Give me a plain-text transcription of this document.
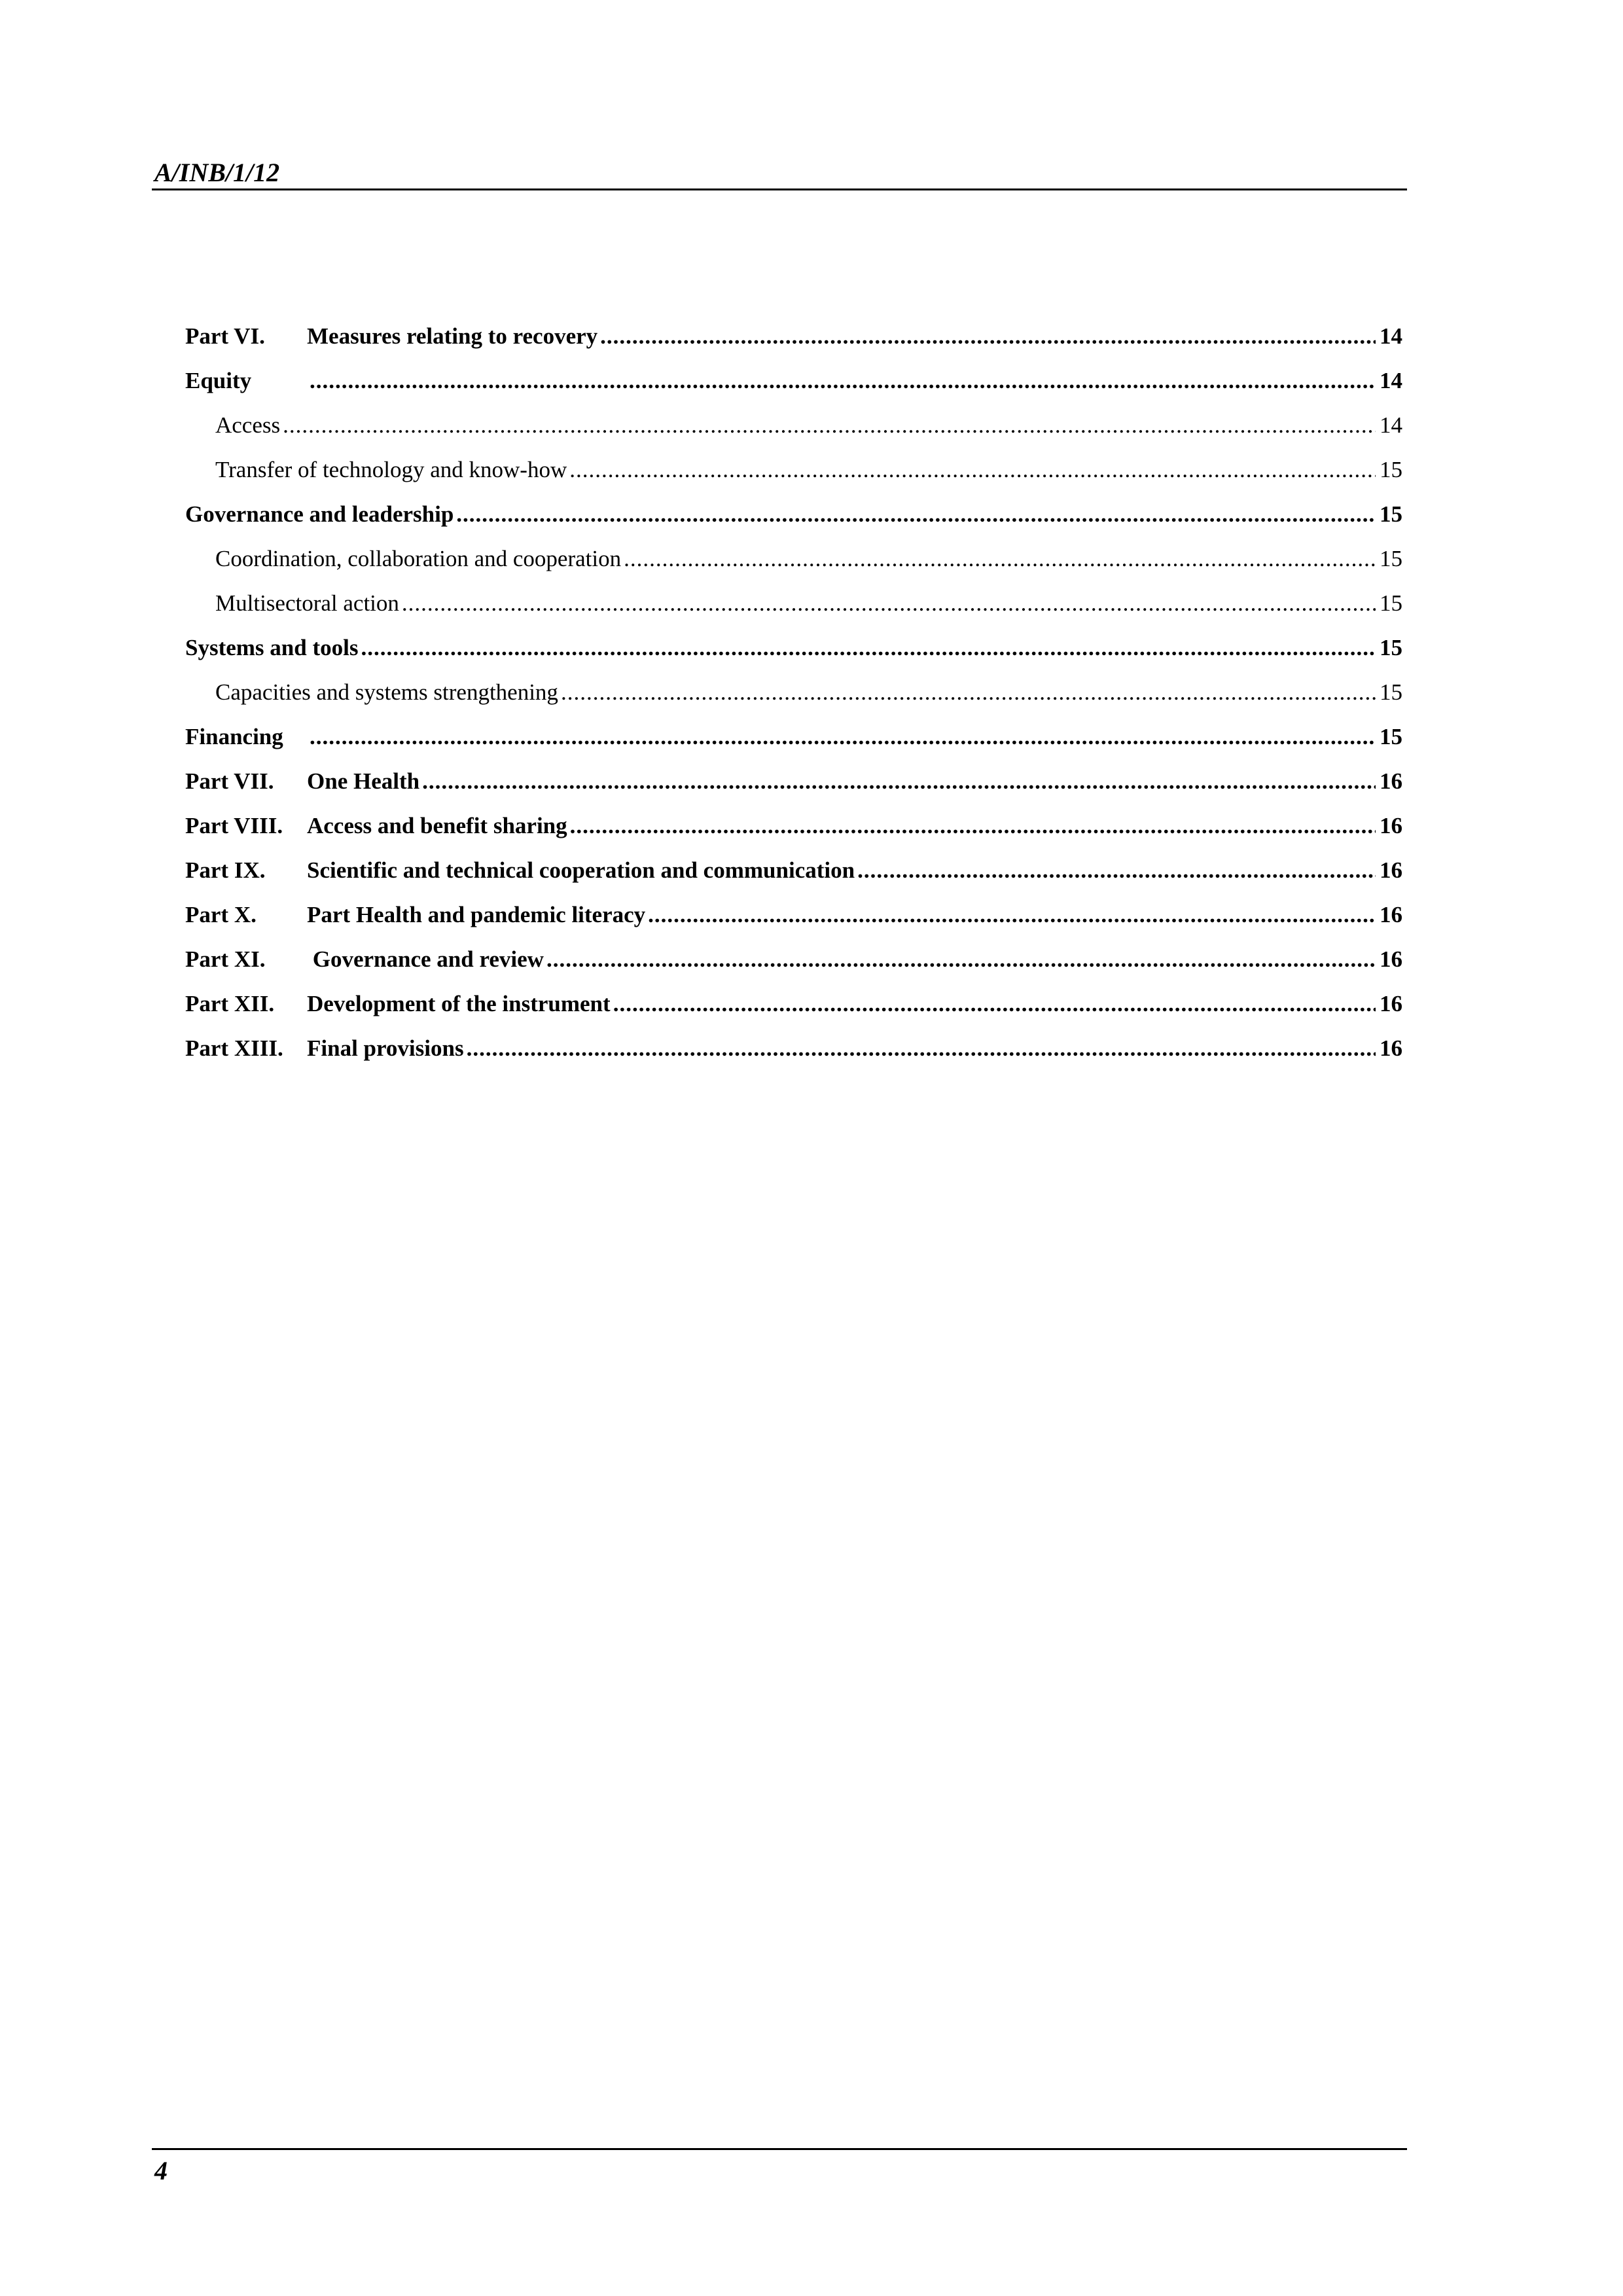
A/INB/1/12
Part VI.	Measures relating to recovery .....	14
Equity .....	14
Access .....	14
Transfer of technology and know-how .....	15
Governance and leadership .....	15
Coordination, collaboration and cooperation .....	15
Multisectoral action .....	15
Systems and tools .....	15
Capacities and systems strengthening .....	15
Financing .....	15
Part VII.	One Health .....	16
Part VIII.	Access and benefit sharing .....	16
Part IX.	Scientific and technical cooperation and communication .....	16
Part X.	Part Health and pandemic literacy .....	16
Part XI.	Governance and review .....	16
Part XII.	Development of the instrument .....	16
Part XIII.	Final provisions .....	16
4
